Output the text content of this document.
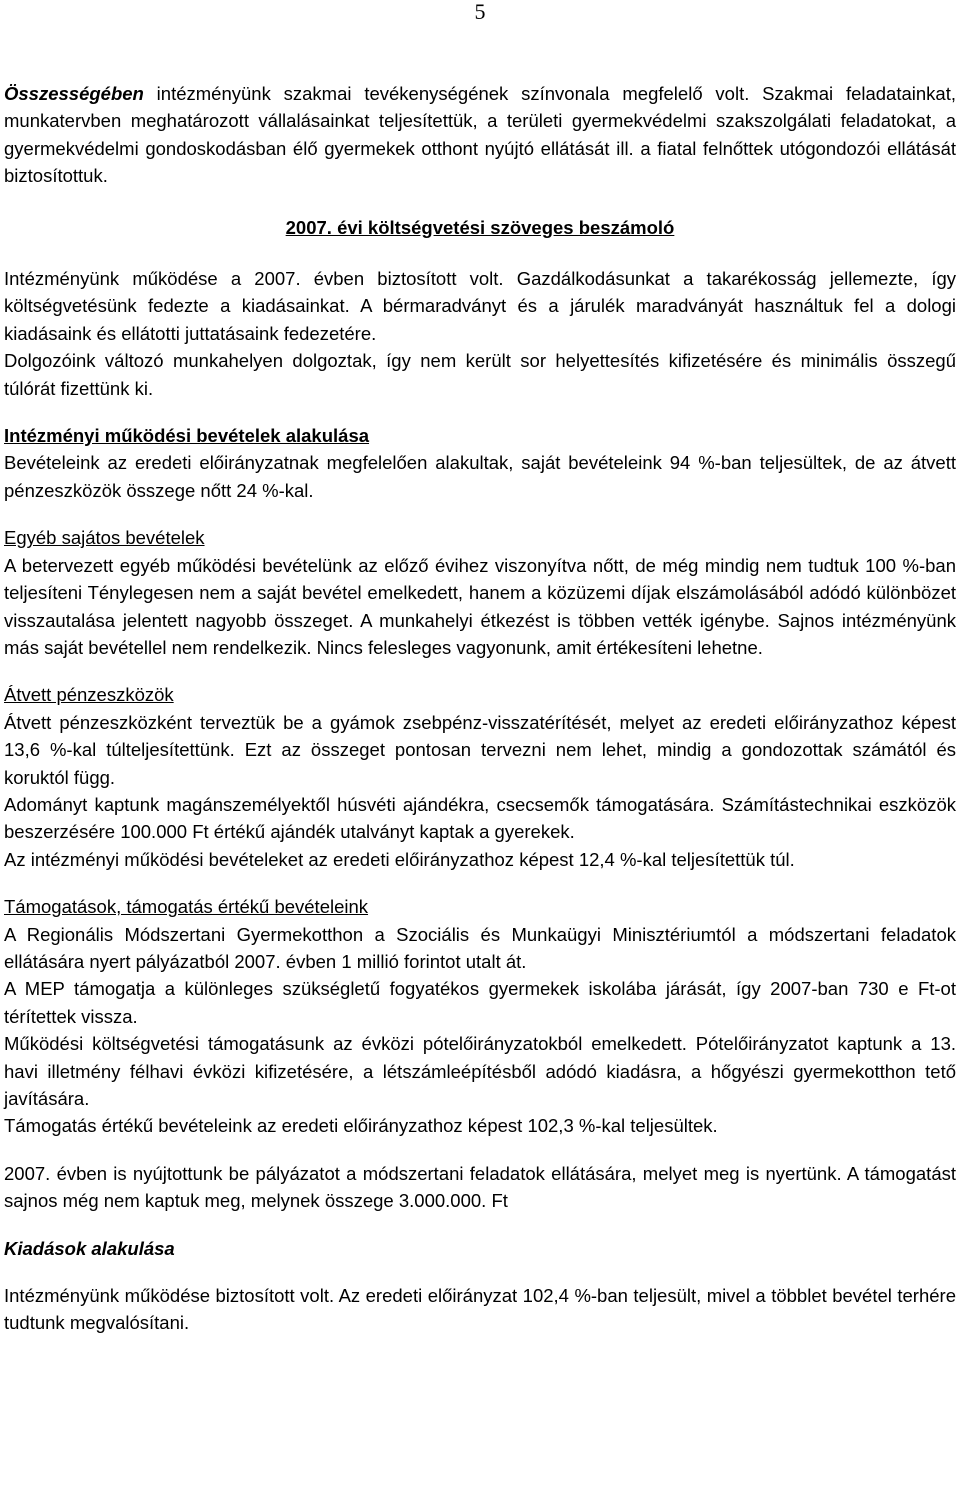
5

Összességében intézményünk szakmai tevékenységének színvonala megfelelő volt. Szakmai feladatainkat, munkatervben meghatározott vállalásainkat teljesítettük, a területi gyermekvédelmi szakszolgálati feladatokat, a gyermekvédelmi gondoskodásban élő gyermekek otthont nyújtó ellátását ill. a fiatal felnőttek utógondozói ellátását biztosítottuk.

2007. évi költségvetési szöveges beszámoló

Intézményünk működése a 2007. évben biztosított volt. Gazdálkodásunkat a takarékosság jellemezte, így költségvetésünk fedezte a kiadásainkat. A bérmaradványt és a járulék maradványát használtuk fel a dologi kiadásaink és ellátotti juttatásaink fedezetére.

Dolgozóink változó munkahelyen dolgoztak, így nem került sor helyettesítés kifizetésére és minimális összegű túlórát fizettünk ki.

Intézményi működési bevételek alakulása

Bevételeink az eredeti előirányzatnak megfelelően alakultak, saját bevételeink 94 %-ban teljesültek, de az átvett pénzeszközök összege nőtt 24 %-kal.

Egyéb sajátos bevételek

A betervezett egyéb működési bevételünk az előző évihez viszonyítva nőtt, de még mindig nem tudtuk 100 %-ban teljesíteni Ténylegesen nem a saját bevétel emelkedett, hanem a közüzemi díjak elszámolásából adódó különbözet visszautalása jelentett nagyobb összeget. A munkahelyi étkezést is többen vették igénybe. Sajnos intézményünk más saját bevétellel nem rendelkezik. Nincs felesleges vagyonunk, amit értékesíteni lehetne.

Átvett pénzeszközök

Átvett pénzeszközként terveztük be a gyámok zsebpénz-visszatérítését, melyet az eredeti előirányzathoz képest 13,6 %-kal túlteljesítettünk. Ezt az összeget pontosan tervezni nem lehet, mindig a gondozottak számától és koruktól függ.

Adományt kaptunk magánszemélyektől húsvéti ajándékra, csecsemők támogatására. Számítástechnikai eszközök beszerzésére 100.000 Ft értékű ajándék utalványt kaptak a gyerekek.

Az intézményi működési bevételeket az eredeti előirányzathoz képest 12,4 %-kal teljesítettük túl.

Támogatások, támogatás értékű bevételeink

A Regionális Módszertani Gyermekotthon a Szociális és Munkaügyi Minisztériumtól a módszertani feladatok ellátására nyert pályázatból 2007. évben 1 millió forintot utalt át.

A MEP támogatja a különleges szükségletű fogyatékos gyermekek iskolába járását, így 2007-ban 730 e Ft-ot térítettek vissza.

Működési költségvetési támogatásunk az évközi pótelőirányzatokból emelkedett. Pótelőirányzatot kaptunk a 13. havi illetmény félhavi évközi kifizetésére, a létszámleépítésből adódó kiadásra, a hőgyészi gyermekotthon tető javítására.

Támogatás értékű bevételeink az eredeti előirányzathoz képest 102,3 %-kal teljesültek.

2007. évben is nyújtottunk be pályázatot a módszertani feladatok ellátására, melyet meg is nyertünk. A támogatást sajnos még nem kaptuk meg, melynek összege 3.000.000. Ft

Kiadások alakulása

Intézményünk működése biztosított volt. Az eredeti előirányzat 102,4 %-ban teljesült, mivel a többlet bevétel terhére tudtunk megvalósítani.
